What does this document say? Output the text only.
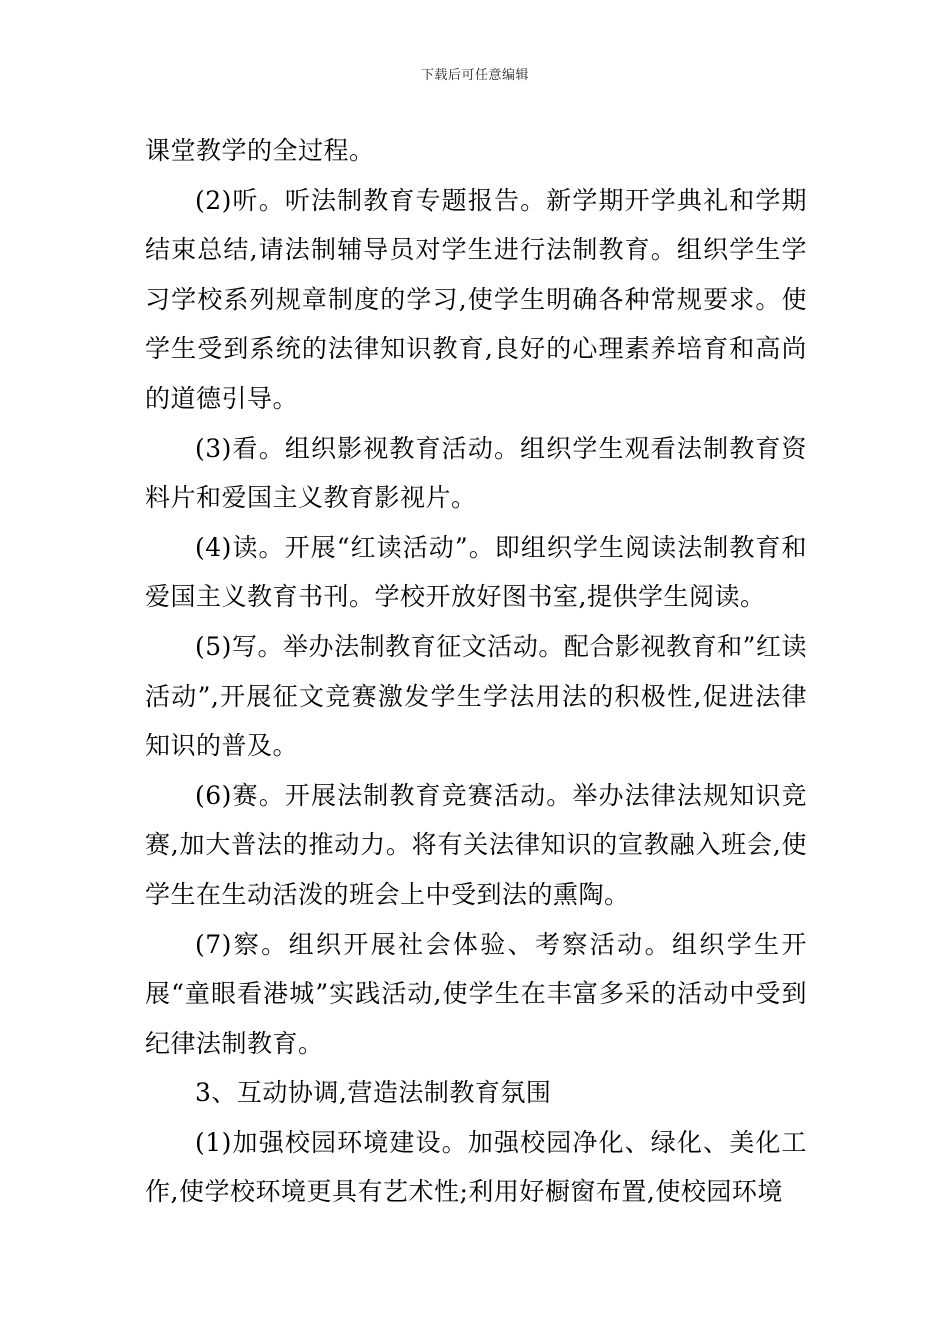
下载后可任意编辑

课堂教学的全过程。

(2)听。听法制教育专题报告。新学期开学典礼和学期结束总结,请法制辅导员对学生进行法制教育。组织学生学习学校系列规章制度的学习,使学生明确各种常规要求。使学生受到系统的法律知识教育,良好的心理素养培育和高尚的道德引导。

(3)看。组织影视教育活动。组织学生观看法制教育资料片和爱国主义教育影视片。

(4)读。开展“红读活动”。即组织学生阅读法制教育和爱国主义教育书刊。学校开放好图书室,提供学生阅读。

(5)写。举办法制教育征文活动。配合影视教育和”红读活动”,开展征文竞赛激发学生学法用法的积极性,促进法律知识的普及。

(6)赛。开展法制教育竞赛活动。举办法律法规知识竞赛,加大普法的推动力。将有关法律知识的宣教融入班会,使学生在生动活泼的班会上中受到法的熏陶。

(7)察。组织开展社会体验、考察活动。组织学生开展“童眼看港城”实践活动,使学生在丰富多采的活动中受到纪律法制教育。

3、互动协调,营造法制教育氛围

(1)加强校园环境建设。加强校园净化、绿化、美化工作,使学校环境更具有艺术性;利用好橱窗布置,使校园环境
